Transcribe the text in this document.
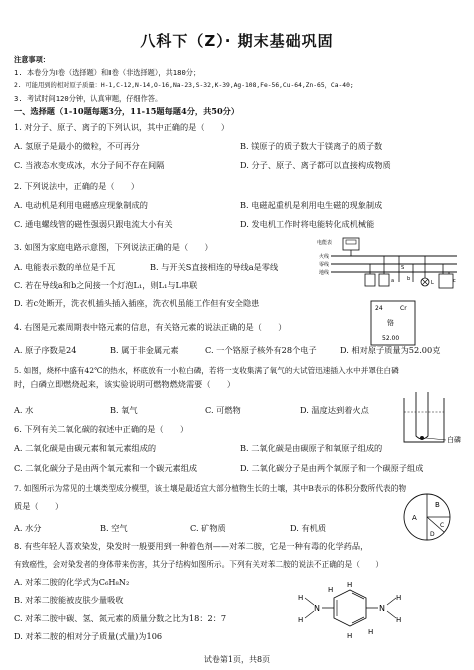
八科下（Z）· 期末基础巩固
注意事项：
1. 本卷分为Ⅰ卷（选择题）和Ⅱ卷（非选择题），共180分；
2. 可能用到的相对原子质量：H-1,C-12,N-14,O-16,Na-23,S-32,K-39,Ag-108,Fe-56,Cu-64,Zn-65，Ca-40;
3. 考试时间120分钟，认真审题，仔细作答。
一、选择题（1-10题每题3分，11-15题每题4分，共50分）
1. 对分子、原子、离子的下列认识，其中正确的是（　　）
A. 氢原子是最小的微粒，不可再分	B. 镁原子的质子数大于镁离子的质子数
C. 当液态水变成冰，水分子间不存在间隔	D. 分子、原子、离子都可以直接构成物质
2. 下列说法中，正确的是（　　）
A. 电动机是利用电磁感应现象制成的	B. 电磁起重机是利用电生磁的现象制成
C. 通电螺线管的磁性强弱只跟电流大小有关	D. 发电机工作时将电能转化成机械能
3. 如图为家庭电路示意图，下列说法正确的是（　　）
A. 电能表示数的单位是千瓦	B. 与开关S直接相连的导线a是零线
C. 若在导线a和b之间接一个灯泡L₁，则L₁与L串联
D. 若c处断开，洗衣机插头插入插座，洗衣机虽能工作但有安全隐患
电能表
火线
零线
地线
a
S
b
L	c
4. 右图是元素周期表中铬元素的信息，有关铬元素的说法正确的是（　　）
24	Cr
铬
52.00
A. 原子序数是24	B. 属于非金属元素	C. 一个铬原子核外有28个电子	D. 相对原子质量为52.00克
5. 如图，烧杯中盛有42℃的热水，杯底放有一小粒白磷，若将一支收集满了氧气的大试管迅速插入水中并罩住白磷
时，白磷立即燃烧起来，该实验说明可燃物燃烧需要（　　）
A. 水	B. 氧气	C. 可燃物	D. 温度达到着火点
白磷
6. 下列有关二氧化碳的叙述中正确的是（　　）
A. 二氧化碳是由碳元素和氧元素组成的	B. 二氧化碳是由碳原子和氧原子组成的
C. 二氧化碳分子是由两个氧元素和一个碳元素组成	D. 二氧化碳分子是由两个氧原子和一个碳原子组成
7. 如图所示为常见的土壤类型成分模型，该土壤是最适宜大部分植物生长的土壤，其中B表示的体积分数所代表的物
质是（　　）
A. 水分	B. 空气	C. 矿物质	D. 有机质
A
B
C
D
8. 有些年轻人喜欢染发，染发时一般要用到一种着色剂——对苯二胺，它是一种有毒的化学药品，
有致癌性，会对染发者的身体带来伤害，其分子结构如图所示。下列有关对苯二胺的说法不正确的是（　　）
A. 对苯二胺的化学式为C₆H₈N₂
B. 对苯二胺能被皮肤少量吸收
C. 对苯二胺中碳、氢、氮元素的质量分数之比为18：2：7
D. 对苯二胺的相对分子质量(式量)为106
N	N
H
H
H
H
H
H
H
H
试卷第1页，共8页
